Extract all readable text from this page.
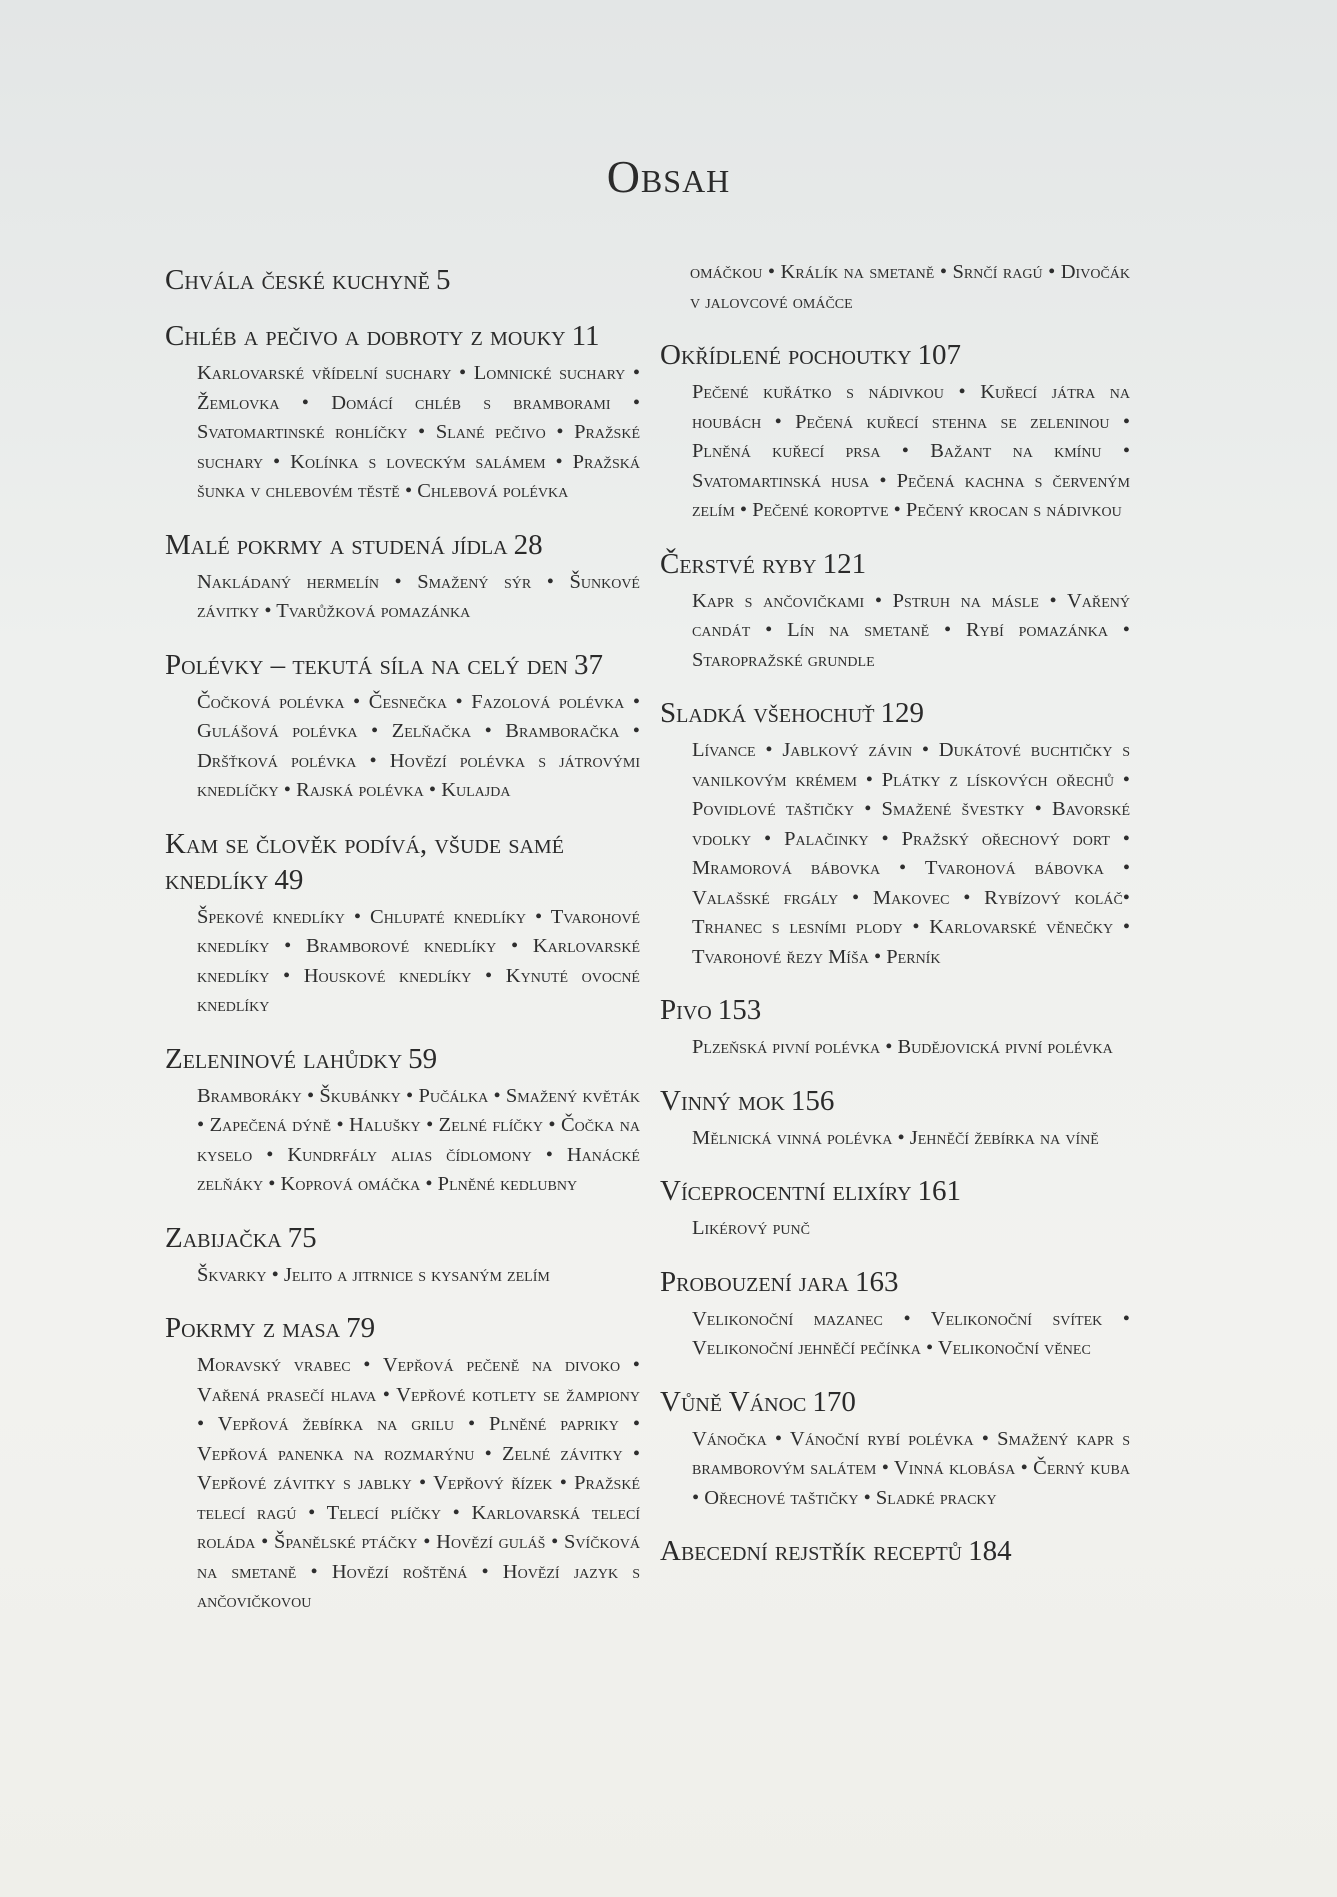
Obsah
Chvála české kuchyně 5
Chléb a pečivo a dobroty z mouky 11

Karlovarské vřídelní suchary • Lomnické suchary • Žemlovka • Domácí chléb s bramborami • Svatomartinské rohlíčky • Slané pečivo • Pražské suchary • Kolínka s loveckým salámem • Pražská šunka v chlebovém těstě • Chlebová polévka

Malé pokrmy a studená jídla 28

Nakládaný hermelín • Smažený sýr • Šunkové závitky • Tvarůžková pomazánka

Polévky – tekutá síla na celý den 37

Čočková polévka • Česnečka • Fazolová polévka • Gulášová polévka • Zelňačka • Bramboračka • Dršťková polévka • Hovězí polévka s játrovými knedlíčky • Rajská polévka • Kulajda

Kam se člověk podívá, všude samé knedlíky 49

Špekové knedlíky • Chlupaté knedlíky • Tvarohové knedlíky • Bramborové knedlíky • Karlovarské knedlíky • Houskové knedlíky • Kynuté ovocné knedlíky

Zeleninové lahůdky 59

Bramboráky • Škubánky • Pučálka • Smažený květák • Zapečená dýně • Halušky • Zelné flíčky • Čočka na kyselo • Kundrfály alias čídlomony • Hanácké zelňáky • Koprová omáčka • Plněné kedlubny

Zabijačka 75

Škvarky • Jelito a jitrnice s kysaným zelím

Pokrmy z masa 79

Moravský vrabec • Vepřová pečeně na divoko • Vařená prasečí hlava • Vepřové kotlety se žampiony • Vepřová žebírka na grilu • Plněné papriky • Vepřová panenka na rozmarýnu • Zelné závitky • Vepřové závitky s jablky • Vepřový řízek • Pražské telecí ragú • Telecí plíčky • Karlovarská telecí roláda • Španělské ptáčky • Hovězí guláš • Svíčková na smetaně • Hovězí roštěná • Hovězí jazyk s ančovičkovou

omáčkou • Králík na smetaně • Srnčí ragú • Divočák v jalovcové omáčce

Okřídlené pochoutky 107

Pečené kuřátko s nádivkou • Kuřecí játra na houbách • Pečená kuřecí stehna se zeleninou • Plněná kuřecí prsa • Bažant na kmínu • Svatomartinská husa • Pečená kachna s červeným zelím • Pečené koroptve • Pečený krocan s nádivkou

Čerstvé ryby 121

Kapr s ančovičkami • Pstruh na másle • Vařený candát • Lín na smetaně • Rybí pomazánka • Staropražské grundle

Sladká všehochuť 129

Lívance • Jablkový závin • Dukátové buchtičky s vanilkovým krémem • Plátky z lískových ořechů • Povidlové taštičky • Smažené švestky • Bavorské vdolky • Palačinky • Pražský ořechový dort • Mramorová bábovka • Tvarohová bábovka • Valašské frgály • Makovec • Rybízový koláč• Trhanec s lesními plody • Karlovarské věnečky • Tvarohové řezy Míša • Perník

Pivo 153

Plzeňská pivní polévka • Budějovická pivní polévka

Vinný mok 156

Mělnická vinná polévka • Jehněčí žebírka na víně

Víceprocentní elixíry 161

Likérový punč

Probouzení jara 163

Velikonoční mazanec • Velikonoční svítek • Velikonoční jehněčí pečínka • Velikonoční věnec

Vůně Vánoc 170

Vánočka • Vánoční rybí polévka • Smažený kapr s bramborovým salátem • Vinná klobása • Černý kuba • Ořechové taštičky • Sladké pracky

Abecední rejstřík receptů 184
